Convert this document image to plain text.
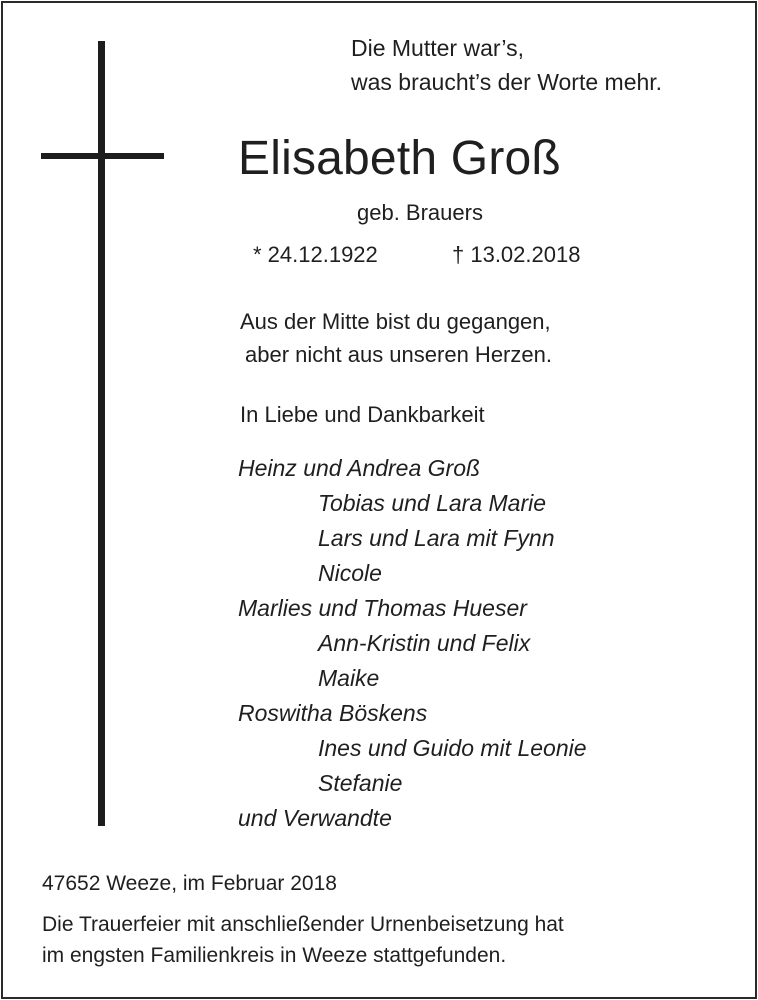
Die Mutter war’s,

was braucht’s der Worte mehr.

Elisabeth Groß

geb. Brauers

* 24.12.1922	† 13.02.2018

Aus der Mitte bist du gegangen,

aber nicht aus unseren Herzen.

In Liebe und Dankbarkeit

Heinz und Andrea Groß

Tobias und Lara Marie

Lars und Lara mit Fynn

Nicole

Marlies und Thomas Hueser

Ann-Kristin und Felix

Maike

Roswitha Böskens

Ines und Guido mit Leonie

Stefanie

und Verwandte

47652 Weeze, im Februar 2018

Die Trauerfeier mit anschließender Urnenbeisetzung hat

im engsten Familienkreis in Weeze stattgefunden.
